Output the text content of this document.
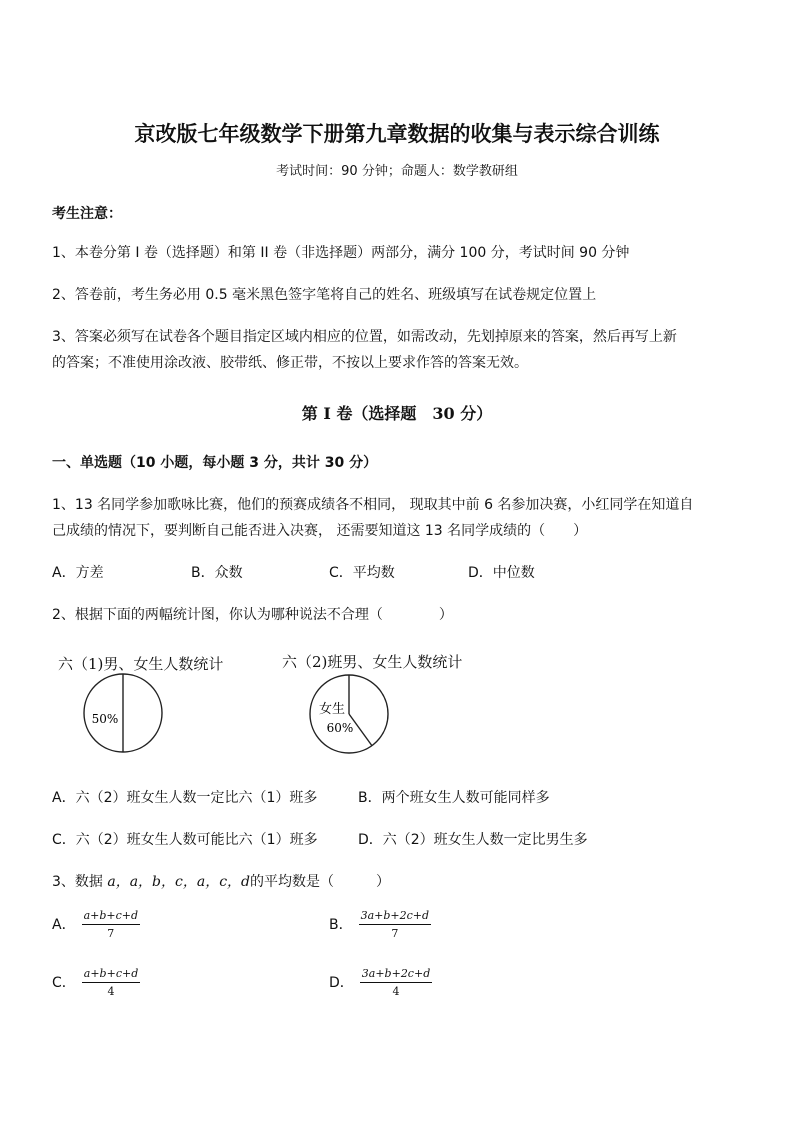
京改版七年级数学下册第九章数据的收集与表示综合训练
考试时间：90 分钟；命题人：数学教研组
考生注意：
1、本卷分第 I 卷（选择题）和第 II 卷（非选择题）两部分，满分 100 分，考试时间 90 分钟
2、答卷前，考生务必用 0.5 毫米黑色签字笔将自己的姓名、班级填写在试卷规定位置上
3、答案必须写在试卷各个题目指定区域内相应的位置，如需改动，先划掉原来的答案，然后再写上新
的答案；不准使用涂改液、胶带纸、修正带，不按以上要求作答的答案无效。
第 I 卷（选择题　30 分）
一、单选题（10 小题，每小题 3 分，共计 30 分）
1、13 名同学参加歌咏比赛，他们的预赛成绩各不相同， 现取其中前 6 名参加决赛，小红同学在知道自
己成绩的情况下，要判断自己能否进入决赛， 还需要知道这 13 名同学成绩的（　　）
A．方差	B．众数	C．平均数	D．中位数
2、根据下面的两幅统计图，你认为哪种说法不合理（　　　　）
六（1)男、女生人数统计
50%
六（2)班男、女生人数统计
女生
60%
A．六（2）班女生人数一定比六（1）班多	B．两个班女生人数可能同样多
C．六（2）班女生人数可能比六（1）班多	D．六（2）班女生人数一定比男生多
3、数据 a，a，b，c，a，c，d的平均数是（　　　）
A． $\frac{a+b+c+d}{7}$	B． $\frac{3a+b+2c+d}{7}$
C． $\frac{a+b+c+d}{4}$	D． $\frac{3a+b+2c+d}{4}$
